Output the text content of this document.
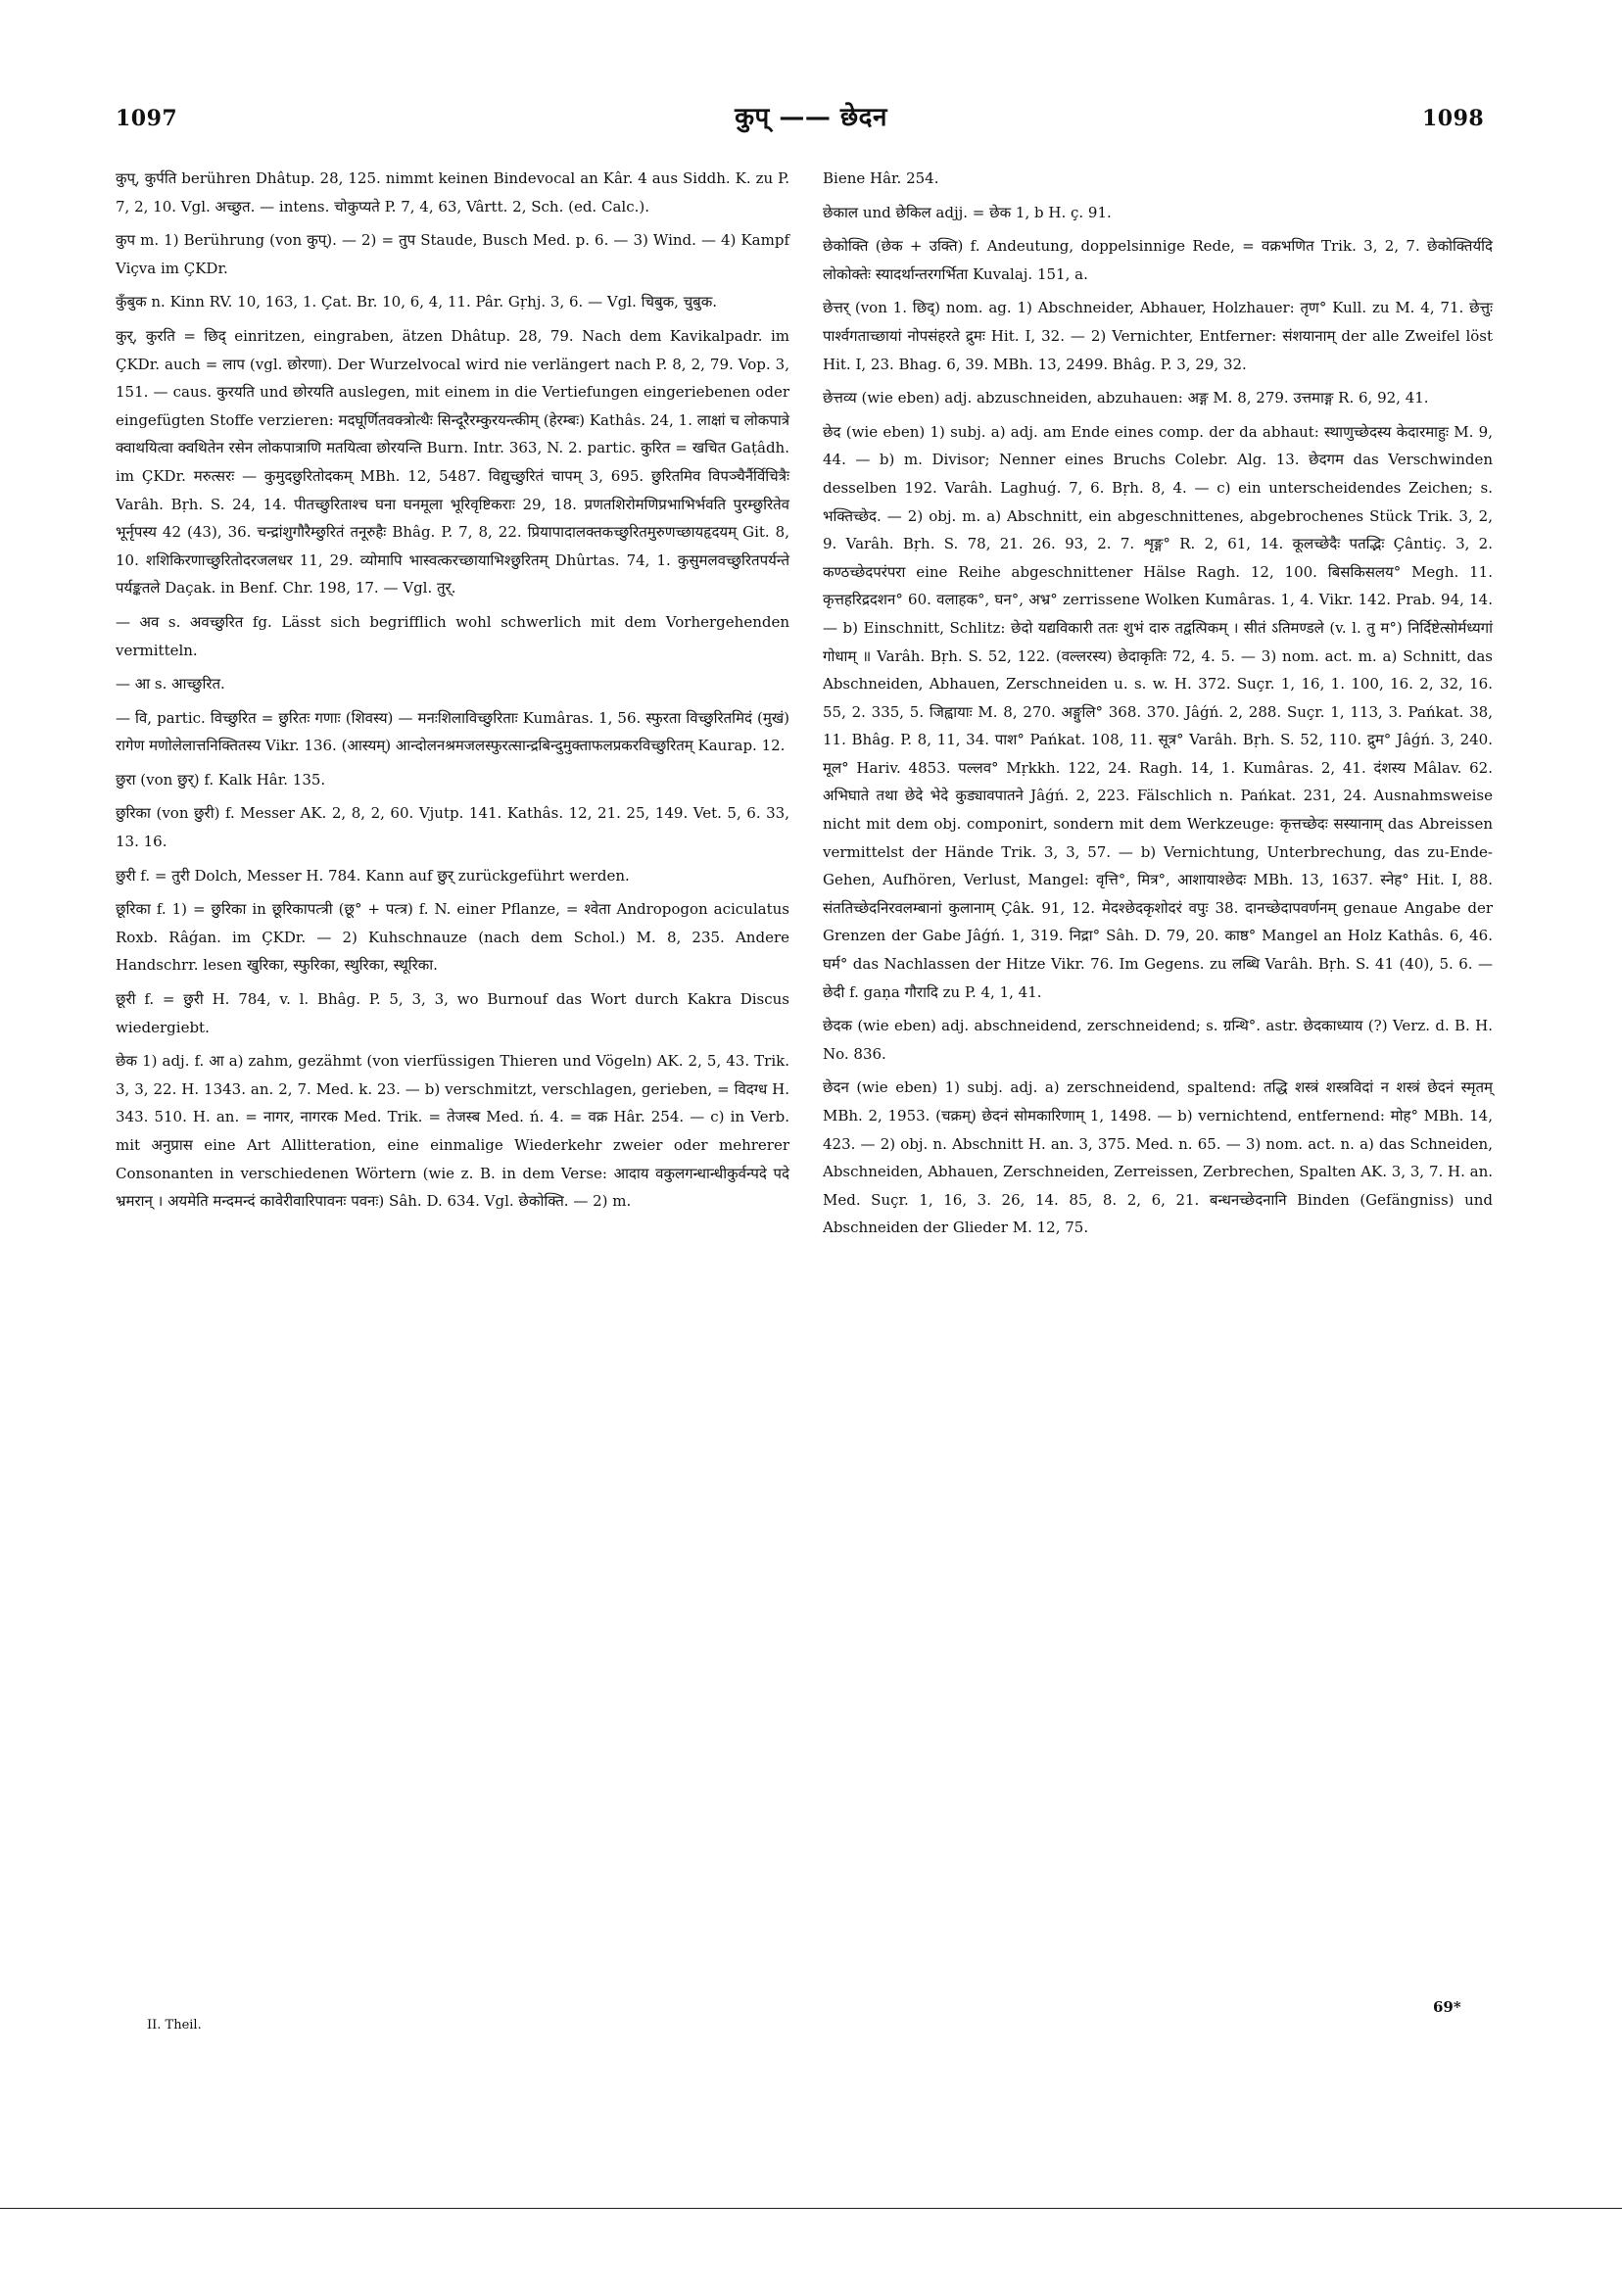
1097	कुप् —— छेदन	1098

कुप्, कुर्पति berühren Dhâtup. 28, 125. nimmt keinen Bindevocal an Kâr. 4 aus Siddh. K. zu P. 7, 2, 10. Vgl. अच्छुत. — intens. चोकुप्यते P. 7, 4, 63, Vârtt. 2, Sch. (ed. Calc.).

कुप m. 1) Berührung (von कुप्). — 2) = तुप Staude, Busch Med. p. 6. — 3) Wind. — 4) Kampf Viçva im ÇKDr.

कुँबुक n. Kinn RV. 10, 163, 1. Çat. Br. 10, 6, 4, 11. Pâr. Gṛhj. 3, 6. — Vgl. चिबुक, चुबुक.

कुर्, कुरति = छिद् einritzen, eingraben, ätzen Dhâtup. 28, 79. Nach dem Kavikalpadr. im ÇKDr. auch = लाप (vgl. छोरणा). Der Wurzelvocal wird nie verlängert nach P. 8, 2, 79. Vop. 3, 151. — caus. कुरयति und छोरयति auslegen, mit einem in die Vertiefungen eingeriebenen oder eingefügten Stoffe verzieren: मदघूर्णितवक्त्रोत्थैः सिन्दूरैरम्कुरयन्त्कीम् (हेरम्बः) Kathâs. 24, 1. लाक्षां च लोकपात्रे क्वाथयित्वा क्वथितेन रसेन लोकपात्राणि मतयित्वा छोरयन्ति Burn. Intr. 363, N. 2. partic. कुरित = खचित Gaṭâdh. im ÇKDr. मरुत्सरः — कुमुदछुरितोदकम् MBh. 12, 5487. विद्युच्छुरितं चापम् 3, 695. छुरितमिव विपञ्चैर्नैर्विचित्रैः Varâh. Bṛh. S. 24, 14. पीतच्छुरिताश्च घना घनमूला भूरिवृष्टिकराः 29, 18. प्रणतशिरोमणिप्रभाभिर्भवति पुरम्छुरितेव भूर्नृपस्य 42 (43), 36. चन्द्रांशुगौरैम्छुरितं तनूरुहैः Bhâg. P. 7, 8, 22. प्रियापादालक्तकच्छुरितमुरुणच्छायहृदयम् Git. 8, 10. शशिकिरणाच्छुरितोदरजलधर 11, 29. व्योमापि भास्वत्करच्छायाभिश्छुरितम् Dhûrtas. 74, 1. कुसुमलवच्छुरितपर्यन्ते पर्यङ्कतले Daçak. in Benf. Chr. 198, 17. — Vgl. तुर्.

— अव s. अवच्छुरित fg. Lässt sich begrifflich wohl schwerlich mit dem Vorhergehenden vermitteln.

— आ s. आच्छुरित.

— वि, partic. विच्छुरित = छुरितः गणाः (शिवस्य) — मनःशिलाविच्छुरिताः Kumâras. 1, 56. स्फुरता विच्छुरितमिदं (मुखं) रागेण मणोलेलात्तनिक्तितस्य Vikr. 136. (आस्यम्) आन्दोलनश्रमजलस्फुरत्सान्द्रबिन्दुमुक्ताफलप्रकरविच्छुरितम् Kaurap. 12.

छुरा (von छुर्) f. Kalk Hâr. 135.

छुरिका (von छुरी) f. Messer AK. 2, 8, 2, 60. Vjutp. 141. Kathâs. 12, 21. 25, 149. Vet. 5, 6. 33, 13. 16.

छुरी f. = तुरी Dolch, Messer H. 784. Kann auf छुर् zurückgeführt werden.

छूरिका f. 1) = छुरिका in छूरिकापत्त्री (छू° + पत्त्र) f. N. einer Pflanze, = श्वेता Andropogon aciculatus Roxb. Râǵan. im ÇKDr. — 2) Kuhschnauze (nach dem Schol.) M. 8, 235. Andere Handschrr. lesen खुरिका, स्फुरिका, स्थुरिका, स्थूरिका.

छूरी f. = छुरी H. 784, v. l. Bhâg. P. 5, 3, 3, wo Burnouf das Wort durch Kakra Discus wiedergiebt.

छेक 1) adj. f. आ a) zahm, gezähmt (von vierfüssigen Thieren und Vögeln) AK. 2, 5, 43. Trik. 3, 3, 22. H. 1343. an. 2, 7. Med. k. 23. — b) verschmitzt, verschlagen, gerieben, = विदग्ध H. 343. 510. H. an. = नागर, नागरक Med. Trik. = तेजस्ब Med. ń. 4. = वक्र Hâr. 254. — c) in Verb. mit अनुप्रास eine Art Allitteration, eine einmalige Wiederkehr zweier oder mehrerer Consonanten in verschiedenen Wörtern (wie z. B. in dem Verse: आदाय वकुलगन्धान्धीकुर्वन्पदे पदे भ्रमरान् । अयमेति मन्दमन्दं कावेरीवारिपावनः पवनः) Sâh. D. 634. Vgl. छेकोक्ति. — 2) m.

Biene Hâr. 254.

छेकाल und छेकिल adjj. = छेक 1, b H. ç. 91.

छेकोक्ति (छेक + उक्ति) f. Andeutung, doppelsinnige Rede, = वक्रभणित Trik. 3, 2, 7. छेकोक्तिर्यदि लोकोक्तेः स्यादर्थान्तरगर्भिता Kuvalaj. 151, a.

छेत्तर् (von 1. छिद्) nom. ag. 1) Abschneider, Abhauer, Holzhauer: तृण° Kull. zu M. 4, 71. छेत्तुः पार्श्वगताच्छायां नोपसंहरते द्रुमः Hit. I, 32. — 2) Vernichter, Entferner: संशयानाम् der alle Zweifel löst Hit. I, 23. Bhag. 6, 39. MBh. 13, 2499. Bhâg. P. 3, 29, 32.

छेत्तव्य (wie eben) adj. abzuschneiden, abzuhauen: अङ्ग M. 8, 279. उत्तमाङ्ग R. 6, 92, 41.

छेद (wie eben) 1) subj. a) adj. am Ende eines comp. der da abhaut: स्थाणुच्छेदस्य केदारमाहुः M. 9, 44. — b) m. Divisor; Nenner eines Bruchs Colebr. Alg. 13. छेदगम das Verschwinden desselben 192. Varâh. Laghuǵ. 7, 6. Bṛh. 8, 4. — c) ein unterscheidendes Zeichen; s. भक्तिच्छेद. — 2) obj. m. a) Abschnitt, ein abgeschnittenes, abgebrochenes Stück Trik. 3, 2, 9. Varâh. Bṛh. S. 78, 21. 26. 93, 2. 7. शृङ्ग° R. 2, 61, 14. कूलच्छेदैः पतद्भिः Çântiç. 3, 2. कण्ठच्छेदपरंपरा eine Reihe abgeschnittener Hälse Ragh. 12, 100. बिसकिसलय° Megh. 11. कृत्तहरिद्रदशन° 60. वलाहक°, घन°, अभ्र° zerrissene Wolken Kumâras. 1, 4. Vikr. 142. Prab. 94, 14. — b) Einschnitt, Schlitz: छेदो यद्यविकारी ततः शुभं दारु तद्वत्पिकम् । सीतं ऽतिमण्डले (v. l. तु म°) निर्दिष्टेत्सोर्मध्यगां गोधाम् ॥ Varâh. Bṛh. S. 52, 122. (वल्लरस्य) छेदाकृतिः 72, 4. 5. — 3) nom. act. m. a) Schnitt, das Abschneiden, Abhauen, Zerschneiden u. s. w. H. 372. Suçr. 1, 16, 1. 100, 16. 2, 32, 16. 55, 2. 335, 5. जिह्वायाः M. 8, 270. अङ्गुलि° 368. 370. Jâǵń. 2, 288. Suçr. 1, 113, 3. Pańkat. 38, 11. Bhâg. P. 8, 11, 34. पाश° Pańkat. 108, 11. सूत्र° Varâh. Bṛh. S. 52, 110. द्रुम° Jâǵń. 3, 240. मूल° Hariv. 4853. पल्लव° Mṛkkh. 122, 24. Ragh. 14, 1. Kumâras. 2, 41. दंशस्य Mâlav. 62. अभिघाते तथा छेदे भेदे कुड्यावपातने Jâǵń. 2, 223. Fälschlich n. Pańkat. 231, 24. Ausnahmsweise nicht mit dem obj. componirt, sondern mit dem Werkzeuge: कृत्तच्छेदः सस्यानाम् das Abreissen vermittelst der Hände Trik. 3, 3, 57. — b) Vernichtung, Unterbrechung, das zu-Ende-Gehen, Aufhören, Verlust, Mangel: वृत्ति°, मित्र°, आशायाश्छेदः MBh. 13, 1637. स्नेह° Hit. I, 88. संततिच्छेदनिरवलम्बानां कुलानाम् Çâk. 91, 12. मेदश्छेदकृशोदरं वपुः 38. दानच्छेदापवर्णनम् genaue Angabe der Grenzen der Gabe Jâǵń. 1, 319. निद्रा° Sâh. D. 79, 20. काष्ठ° Mangel an Holz Kathâs. 6, 46. घर्म° das Nachlassen der Hitze Vikr. 76. Im Gegens. zu लब्धि Varâh. Bṛh. S. 41 (40), 5. 6. — छेदी f. gaṇa गौरादि zu P. 4, 1, 41.

छेदक (wie eben) adj. abschneidend, zerschneidend; s. ग्रन्थि°. astr. छेदकाध्याय (?) Verz. d. B. H. No. 836.

छेदन (wie eben) 1) subj. adj. a) zerschneidend, spaltend: तद्धि शस्त्रं शस्त्रविदां न शस्त्रं छेदनं स्मृतम् MBh. 2, 1953. (चक्रम्) छेदनं सोमकारिणाम् 1, 1498. — b) vernichtend, entfernend: मोह° MBh. 14, 423. — 2) obj. n. Abschnitt H. an. 3, 375. Med. n. 65. — 3) nom. act. n. a) das Schneiden, Abschneiden, Abhauen, Zerschneiden, Zerreissen, Zerbrechen, Spalten AK. 3, 3, 7. H. an. Med. Suçr. 1, 16, 3. 26, 14. 85, 8. 2, 6, 21. बन्धनच्छेदनानि Binden (Gefängniss) und Abschneiden der Glieder M. 12, 75.

II. Theil.
69*
